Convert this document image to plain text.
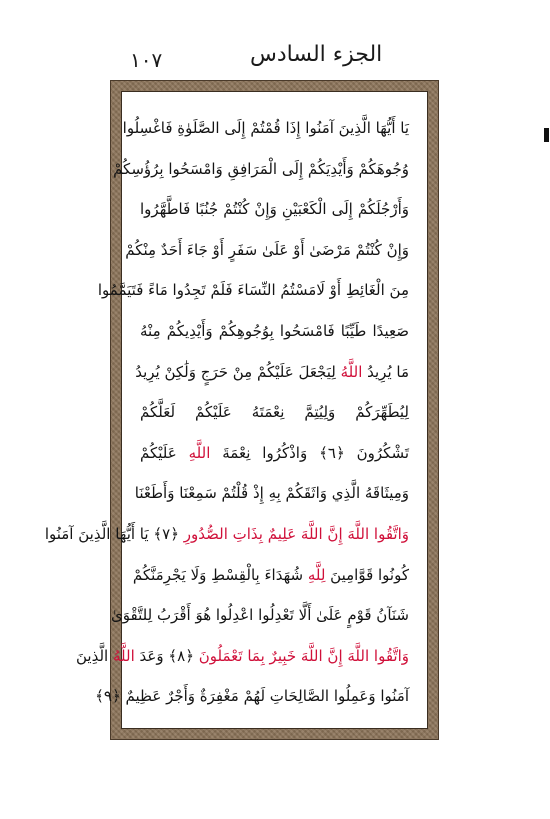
١٠٧	الجزء السادس
يَا أَيُّهَا الَّذِينَ آمَنُوا إِذَا قُمْتُمْ إِلَى الصَّلَوٰةِ فَاغْسِلُوا
وُجُوهَكُمْ وَأَيْدِيَكُمْ إِلَى الْمَرَافِقِ وَامْسَحُوا بِرُؤُسِكُمْ
وَأَرْجُلَكُمْ إِلَى الْكَعْبَيْنِ وَإِنْ كُنْتُمْ جُنُبًا فَاطَّهَّرُوا
وَإِنْ كُنْتُمْ مَرْضَىٰ أَوْ عَلَىٰ سَفَرٍ أَوْ جَاءَ أَحَدٌ مِنْكُمْ
مِنَ الْغَائِطِ أَوْ لَامَسْتُمُ النِّسَاءَ فَلَمْ تَجِدُوا مَاءً فَتَيَمَّمُوا
صَعِيدًا طَيِّبًا فَامْسَحُوا بِوُجُوهِكُمْ وَأَيْدِيكُمْ مِنْهُ
مَا يُرِيدُ اللَّهُ لِيَجْعَلَ عَلَيْكُمْ مِنْ حَرَجٍ وَلَٰكِنْ يُرِيدُ
لِيُطَهِّرَكُمْ وَلِيُتِمَّ نِعْمَتَهُ عَلَيْكُمْ لَعَلَّكُمْ
تَشْكُرُونَ ﴿٦﴾ وَاذْكُرُوا نِعْمَةَ اللَّهِ عَلَيْكُمْ
وَمِيثَاقَهُ الَّذِي وَاثَقَكُمْ بِهِ إِذْ قُلْتُمْ سَمِعْنَا وَأَطَعْنَا
وَاتَّقُوا اللَّهَ إِنَّ اللَّهَ عَلِيمٌ بِذَاتِ الصُّدُورِ ﴿٧﴾ يَا أَيُّهَا الَّذِينَ آمَنُوا
كُونُوا قَوَّامِينَ لِلَّهِ شُهَدَاءَ بِالْقِسْطِ وَلَا يَجْرِمَنَّكُمْ
شَنَآنُ قَوْمٍ عَلَىٰ أَلَّا تَعْدِلُوا اعْدِلُوا هُوَ أَقْرَبُ لِلتَّقْوَىٰ
وَاتَّقُوا اللَّهَ إِنَّ اللَّهَ خَبِيرٌ بِمَا تَعْمَلُونَ ﴿٨﴾ وَعَدَ اللَّهُ الَّذِينَ
آمَنُوا وَعَمِلُوا الصَّالِحَاتِ لَهُمْ مَغْفِرَةٌ وَأَجْرٌ عَظِيمٌ ﴿٩﴾
